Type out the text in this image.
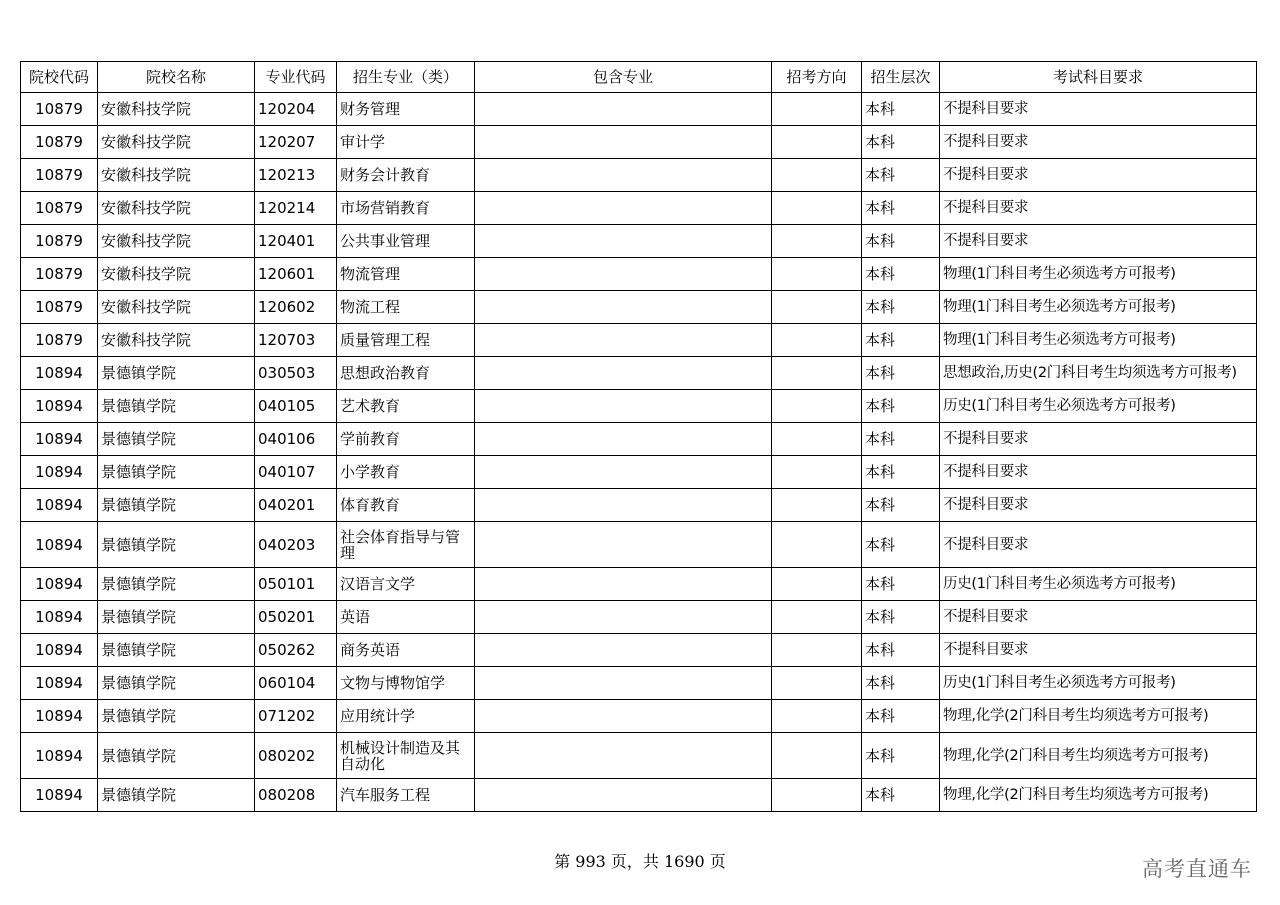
院校代码	院校名称	专业代码	招生专业（类）	包含专业	招考方向	招生层次	考试科目要求
10879	安徽科技学院	120204	财务管理			本科	不提科目要求
10879	安徽科技学院	120207	审计学			本科	不提科目要求
10879	安徽科技学院	120213	财务会计教育			本科	不提科目要求
10879	安徽科技学院	120214	市场营销教育			本科	不提科目要求
10879	安徽科技学院	120401	公共事业管理			本科	不提科目要求
10879	安徽科技学院	120601	物流管理			本科	物理(1门科目考生必须选考方可报考)
10879	安徽科技学院	120602	物流工程			本科	物理(1门科目考生必须选考方可报考)
10879	安徽科技学院	120703	质量管理工程			本科	物理(1门科目考生必须选考方可报考)
10894	景德镇学院	030503	思想政治教育			本科	思想政治,历史(2门科目考生均须选考方可报考)
10894	景德镇学院	040105	艺术教育			本科	历史(1门科目考生必须选考方可报考)
10894	景德镇学院	040106	学前教育			本科	不提科目要求
10894	景德镇学院	040107	小学教育			本科	不提科目要求
10894	景德镇学院	040201	体育教育			本科	不提科目要求
10894	景德镇学院	040203	社会体育指导与管理			本科	不提科目要求
10894	景德镇学院	050101	汉语言文学			本科	历史(1门科目考生必须选考方可报考)
10894	景德镇学院	050201	英语			本科	不提科目要求
10894	景德镇学院	050262	商务英语			本科	不提科目要求
10894	景德镇学院	060104	文物与博物馆学			本科	历史(1门科目考生必须选考方可报考)
10894	景德镇学院	071202	应用统计学			本科	物理,化学(2门科目考生均须选考方可报考)
10894	景德镇学院	080202	机械设计制造及其自动化			本科	物理,化学(2门科目考生均须选考方可报考)
10894	景德镇学院	080208	汽车服务工程			本科	物理,化学(2门科目考生均须选考方可报考)
第 993 页，共 1690 页	高考直通车
